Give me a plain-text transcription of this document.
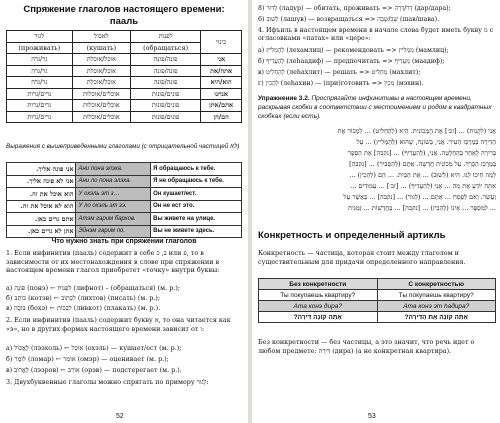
Спряжение глаголов настоящего времени:
пааль
לגור	לאכול	לפנות	כינוי
(проживать)	(кушать)	(обращаться)	
גר/גרה	אוכל/אוכלת	פונה/פונה	אני
גר/גרה	אוכל/אוכלת	פונה/פונה	אתה/את
גר/גרה	אוכל/אוכלת	פונה/פונה	הוא/היא
גרים/גרות	אוכלים/אוכלות	פונים/פונות	אנחנו
גרים/גרות	אוכלים/אוכלות	פונים/פונות	אתם/אתן
גרים/גרות	אוכלים/אוכלות	פונים/פונות	הם/הן
Выражения с вышеприведенными глаголами (с отрицательной частицей לֹא)
אני פונה אליך.	Ани пона элэха.	Я обращаюсь к тебе.
אני לא פונה אליך.	Ани ло пона элэха.	Я не обращаюсь к тебе.
הוא אוכל את זה.	У охэль эт з…	Он кушает/ест.
הוא לא אוכל את זה.	У ло охэль эт зэ.	Он не ест это.
אתם גרים כאן.	Атэм гарим бархов.	Вы живете на улице.
אתן לא גרים כאן.	Эйнэм гарим по.	Вы не живете здесь.
Что нужно знать при спряжении глаголов
1. Если инфинитив (пааль) содержит в себе ב, כ или פ, то в зависимости от их местонахождения в слове при спряжении в настоящем времени глагол приобретет «точку» внутри буквы:
а) פּוֹנֶה (понэ) ← לִפְנוֹת (лифнот) – (обращаться) (м. р.);
б) כּוֹתֵב (котэв) ← לִכְתּוֹב (лихтов) (писать) (м. р.);
в) בּוֹכֶה (бохэ) ← לִבְכּוֹת (ливкот) (плакать) (м. р.).
2. Если инфинитив (пааль) содержит букву א, то она читается как «э», но в других формах настоящего времени зависит от ו:
а) לֶאֱכוֹל (лээхоль) ← אוֹכֵל (охэль) — кушает/ест (м. р.);
б) לוֹמַר (ломар) ← אוֹמֵר (омэр) — оценивает (м. р.);
в) לֶאֱרוֹב (лээров) ← אוֹרֵב (орэв) — подстерегает (м. р.).
3. Двухбуквенные глаголы можно спрягать по примеру לָגוּר:
52
8) לָדוּר (ладур) — обитать, проживать => דָּר/דָּרָה (дар/дара);
6) לָשׁוּב (лашув) — возвращаться => שָׁב/שָׁבָה (шав/шава).
4. Ифъиль в настоящем времени в начале слова будет иметь букву מ с огласовками «патах» или «цере»:
а) לְהַמְלִיץ (лехамлиц) — рекомендовать => מַמְלִיץ (мамлиц);
б) לְהַעֲדִיף (леhаадиф) — предпочитать => מַעֲדִיף (маадиф);
в) לְהַחְלִיט (леhахлит) — решать => מַחְלִיט (махлит);
г) לְהָכִין (леhахин) — (при)готовить => מֵכִין (мэхин).
Упражнение 3.2. Проспрягайте инфинитивы в настоящем времени, раскрывая скобки в соответствии с местоимением и родом в квадратных скобках (если есть).
אֲנִי (לִקְנוֹת) ... [זכ׳] אֶת הַמְּכוֹנִית. הִיא (לְהַחְלִיט) ... לִמְכּוֹר אֶת
הַדִּירָה בְּמֶרְכַּז הָעִיר. אֲנִי, בְּשׁוֹנֶה, שֶׁהוּא (לְהַמְלִיץ) ... עַל
בְּרִירָה לְאַחֵר בְּהַחְלָטָה. אֲנִי, (לְהַעֲדִיף) ... [נקבה] אֶת הַסֵּפֶר
בְּמֶרְכַּז הַכְּרָךְ. עַל מְכוֹנִית חֲדָשָׁה. אֲתֶם (לְהַסְבִּיר) ... [נקבה]
לְמַה חֵיכוּ לָנוּ. הִיא (לָשׁוּב) ... אֶת הַבַּיִת. ... הֵם (לְהָכִין) ...
אַתָּה יוֹדֵעַ אֶת מָה ... אֲנִי (לְהַעֲדִיף) ... [זכ׳] ... עַמּוּדִים ...
וַעֲשָׂר. וְאִם לְפֶסַח ... אַתֶּם ... (לָגוּר) ... [נקבה] ... בַּאֲשֶׁר עַל
... לְמִסְפָּר ... אֵינוֹ (לְהָבִין) ... [נקבה] ... בַּחֲדָשׁוֹת ... זְמַנִּית
Конкретность и определенный артикль
Конкретность — частица, которая стоит между глаголом и существительным для придачи определенного направления.
Без конкретности	С конкретностью
Ты покупаешь квартиру?	Ты покупаешь квартиру?
Ата конэ дира?	Ата конэ эт hадира?
אַתָּה קוֹנֶה דִּירָה?	אַתָּה קוֹנֶה אֶת הַדִּירָה?
Без конкретности — без частицы, а это значит, что речь идет о любом предмете: דִּירָה (дира) (а не конкретная квартира).
53
